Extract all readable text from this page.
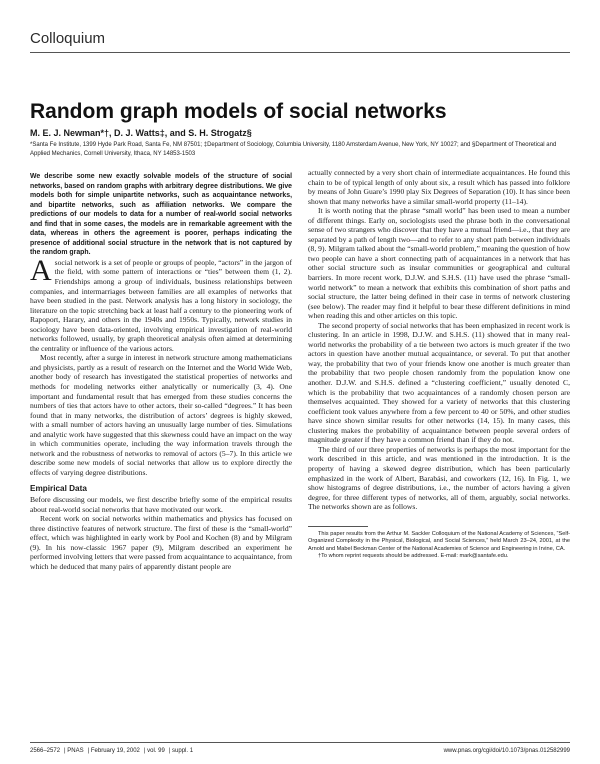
Colloquium
Random graph models of social networks
M. E. J. Newman*†, D. J. Watts‡, and S. H. Strogatz§
*Santa Fe Institute, 1399 Hyde Park Road, Santa Fe, NM 87501; ‡Department of Sociology, Columbia University, 1180 Amsterdam Avenue, New York, NY 10027; and §Department of Theoretical and Applied Mechanics, Cornell University, Ithaca, NY 14853-1503

We describe some new exactly solvable models of the structure of social networks, based on random graphs with arbitrary degree distributions. We give models both for simple unipartite networks, such as acquaintance networks, and bipartite networks, such as affiliation networks. We compare the predictions of our models to data for a number of real-world social networks and find that in some cases, the models are in remarkable agreement with the data, whereas in others the agreement is poorer, perhaps indicating the presence of additional social structure in the network that is not captured by the random graph.

Asocial network is a set of people or groups of people, “actors” in the jargon of the field, with some pattern of interactions or “ties” between them (1, 2). Friendships among a group of individuals, business relationships between companies, and intermarriages between families are all examples of networks that have been studied in the past. Network analysis has a long history in sociology, the literature on the topic stretching back at least half a century to the pioneering work of Rapoport, Harary, and others in the 1940s and 1950s. Typically, network studies in sociology have been data-oriented, involving empirical investigation of real-world networks followed, usually, by graph theoretical analysis often aimed at determining the centrality or influence of the various actors.

Most recently, after a surge in interest in network structure among mathematicians and physicists, partly as a result of research on the Internet and the World Wide Web, another body of research has investigated the statistical properties of networks and methods for modeling networks either analytically or numerically (3, 4). One important and fundamental result that has emerged from these studies concerns the numbers of ties that actors have to other actors, their so-called “degrees.” It has been found that in many networks, the distribution of actors’ degrees is highly skewed, with a small number of actors having an unusually large number of ties. Simulations and analytic work have suggested that this skewness could have an impact on the way in which communities operate, including the way information travels through the network and the robustness of networks to removal of actors (5–7). In this article we describe some new models of social networks that allow us to explore directly the effects of varying degree distributions.

Empirical Data

Before discussing our models, we first describe briefly some of the empirical results about real-world social networks that have motivated our work.

Recent work on social networks within mathematics and physics has focused on three distinctive features of network structure. The first of these is the “small-world” effect, which was highlighted in early work by Pool and Kochen (8) and by Milgram (9). In his now-classic 1967 paper (9), Milgram described an experiment he performed involving letters that were passed from acquaintance to acquaintance, from which he deduced that many pairs of apparently distant people are

actually connected by a very short chain of intermediate acquaintances. He found this chain to be of typical length of only about six, a result which has passed into folklore by means of John Guare’s 1990 play Six Degrees of Separation (10). It has since been shown that many networks have a similar small-world property (11–14).

It is worth noting that the phrase “small world” has been used to mean a number of different things. Early on, sociologists used the phrase both in the conversational sense of two strangers who discover that they have a mutual friend—i.e., that they are separated by a path of length two—and to refer to any short path between individuals (8, 9). Milgram talked about the “small-world problem,” meaning the question of how two people can have a short connecting path of acquaintances in a network that has other social structure such as insular communities or geographical and cultural barriers. In more recent work, D.J.W. and S.H.S. (11) have used the phrase “small-world network” to mean a network that exhibits this combination of short paths and social structure, the latter being defined in their case in terms of network clustering (see below). The reader may find it helpful to bear these different definitions in mind when reading this and other articles on this topic.

The second property of social networks that has been emphasized in recent work is clustering. In an article in 1998, D.J.W. and S.H.S. (11) showed that in many real-world networks the probability of a tie between two actors is much greater if the two actors in question have another mutual acquaintance, or several. To put that another way, the probability that two of your friends know one another is much greater than the probability that two people chosen randomly from the population know one another. D.J.W. and S.H.S. defined a “clustering coefficient,” usually denoted C, which is the probability that two acquaintances of a randomly chosen person are themselves acquainted. They showed for a variety of networks that this clustering coefficient took values anywhere from a few percent to 40 or 50%, and other studies have since shown similar results for other networks (14, 15). In many cases, this clustering makes the probability of acquaintance between people several orders of magnitude greater if they have a common friend than if they do not.

The third of our three properties of networks is perhaps the most important for the work described in this article, and was mentioned in the introduction. It is the property of having a skewed degree distribution, which has been particularly emphasized in the work of Albert, Barabási, and coworkers (12, 16). In Fig. 1, we show histograms of degree distributions, i.e., the number of actors having a given degree, for three different types of networks, all of them, arguably, social networks. The networks shown are as follows.

This paper results from the Arthur M. Sackler Colloquium of the National Academy of Sciences, “Self-Organized Complexity in the Physical, Biological, and Social Sciences,” held March 23–24, 2001, at the Arnold and Mabel Beckman Center of the National Academies of Science and Engineering in Irvine, CA.

†To whom reprint requests should be addressed. E-mail: mark@santafe.edu.

2566–2572 | PNAS | February 19, 2002 | vol. 99 | suppl. 1	www.pnas.org/cgi/doi/10.1073/pnas.012582999
